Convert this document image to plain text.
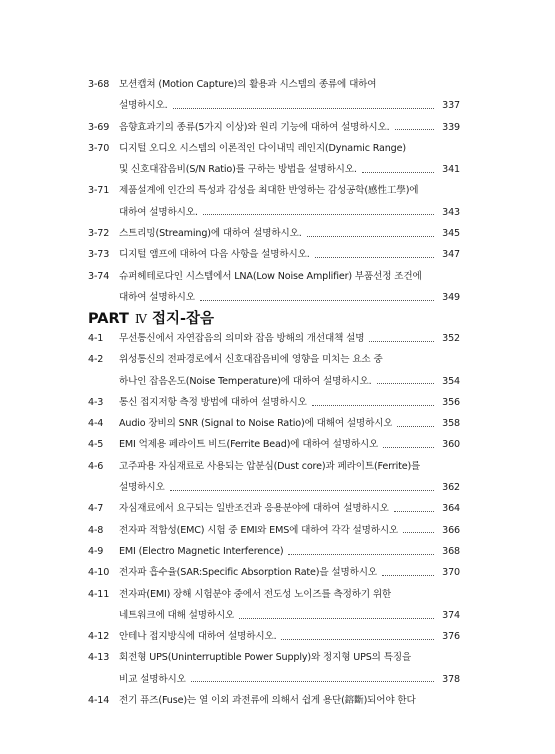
3-68	모션캡쳐 (Motion Capture)의 활용과 시스템의 종류에 대하여
설명하시오.	337
3-69	음향효과기의 종류(5가지 이상)와 원리 기능에 대하여 설명하시오.	339
3-70	디지털 오디오 시스템의 이론적인 다이내믹 레인지(Dynamic Range)
및 신호대잡음비(S/N Ratio)를 구하는 방법을 설명하시오.	341
3-71	제품설계에 인간의 특성과 감성을 최대한 반영하는 감성공학(感性工學)에
대하여 설명하시오.	343
3-72	스트리밍(Streaming)에 대하여 설명하시오.	345
3-73	디지털 앰프에 대하여 다음 사항을 설명하시오.	347
3-74	슈퍼헤테로다인 시스템에서 LNA(Low Noise Amplifier) 부품선정 조건에
대하여 설명하시오	349
PART Ⅳ 접지-잡음
4-1	무선통신에서 자연잡음의 의미와 잡음 방해의 개선대책 설명	352
4-2	위성통신의 전파경로에서 신호대잡음비에 영향을 미치는 요소 중
하나인 잡음온도(Noise Temperature)에 대하여 설명하시오.	354
4-3	통신 접지저항 측정 방법에 대하여 설명하시오	356
4-4	Audio 장비의 SNR (Signal to Noise Ratio)에 대해여 설명하시오	358
4-5	EMI 억제용 페라이트 비드(Ferrite Bead)에 대하여 설명하시오	360
4-6	고주파용 자심재료로 사용되는 압분심(Dust core)과 페라이트(Ferrite)를
설명하시오	362
4-7	자심재료에서 요구되는 일반조건과 응용분야에 대하여 설명하시오	364
4-8	전자파 적합성(EMC) 시험 중 EMI와 EMS에 대하여 각각 설명하시오	366
4-9	EMI (Electro Magnetic Interference)	368
4-10	전자파 흡수율(SAR:Specific Absorption Rate)을 설명하시오	370
4-11	전자파(EMI) 장해 시험분야 중에서 전도성 노이즈를 측정하기 위한
네트워크에 대해 설명하시오	374
4-12	안테나 접지방식에 대하여 설명하시오.	376
4-13	회전형 UPS(Uninterruptible Power Supply)와 정지형 UPS의 특징을
비교 설명하시오	378
4-14	전기 퓨즈(Fuse)는 열 이외 과전류에 의해서 쉽게 용단(鎔斷)되어야 한다
